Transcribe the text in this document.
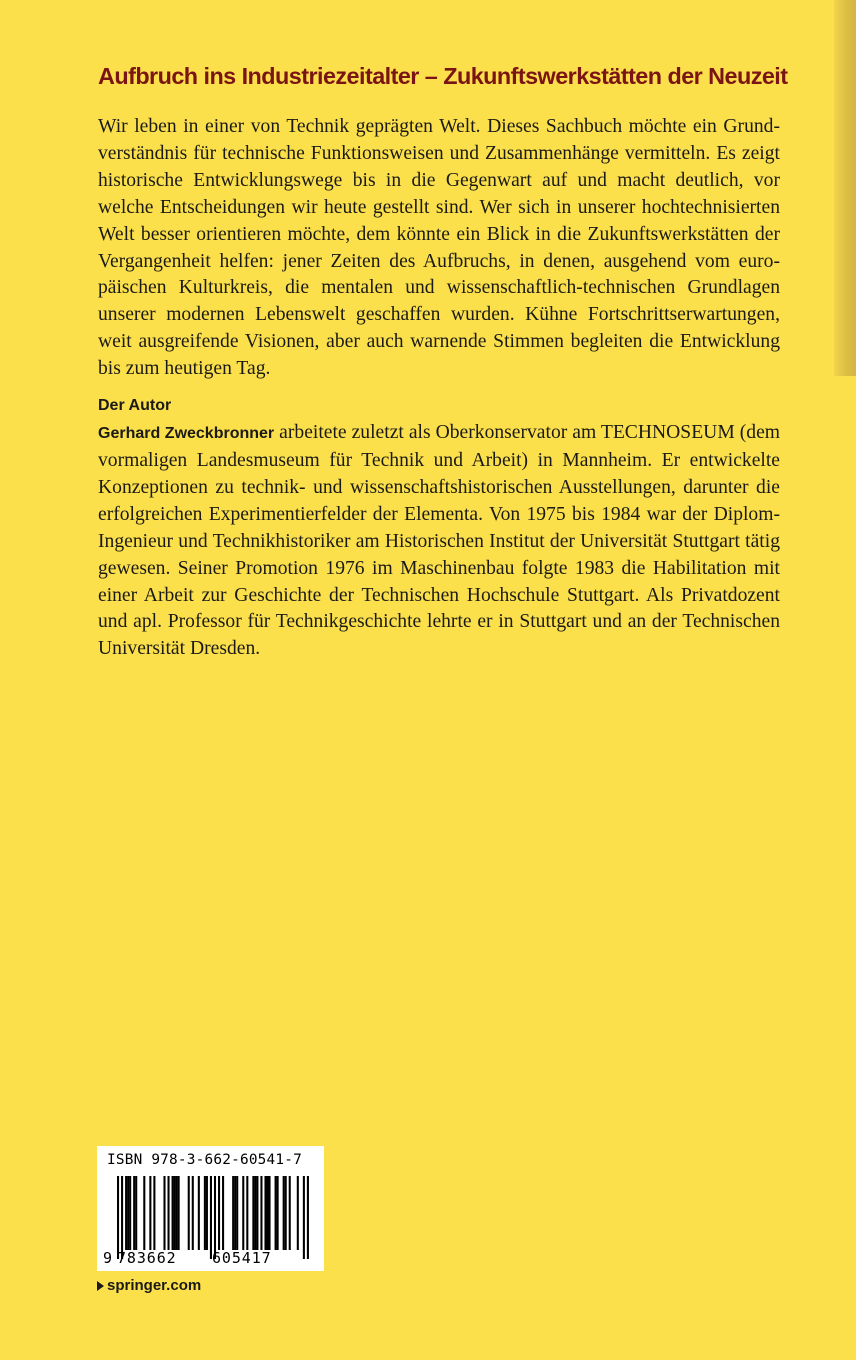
Aufbruch ins Industriezeitalter – Zukunftswerkstätten der Neuzeit

Wir leben in einer von Technik geprägten Welt. Dieses Sachbuch möchte ein Grundverständnis für technische Funktionsweisen und Zusammenhänge vermitteln. Es zeigt historische Entwicklungswege bis in die Gegenwart auf und macht deutlich, vor welche Entscheidungen wir heute gestellt sind. Wer sich in unserer hochtechnisierten Welt besser orientieren möchte, dem könnte ein Blick in die Zukunftswerkstätten der Vergangenheit helfen: jener Zeiten des Aufbruchs, in denen, ausgehend vom europäischen Kulturkreis, die mentalen und wissenschaftlich-technischen Grundlagen unserer modernen Lebenswelt geschaffen wurden. Kühne Fortschrittserwartungen, weit ausgreifende Visionen, aber auch warnende Stimmen begleiten die Entwicklung bis zum heutigen Tag.

Der Autor

Gerhard Zweckbronner arbeitete zuletzt als Oberkonservator am TECHNOSEUM (dem vormaligen Landesmuseum für Technik und Arbeit) in Mannheim. Er entwickelte Konzeptionen zu technik- und wissenschaftshistorischen Ausstellungen, darunter die erfolgreichen Experimentierfelder der Elementa. Von 1975 bis 1984 war der Diplom-Ingenieur und Technikhistoriker am Historischen Institut der Universität Stuttgart tätig gewesen. Seiner Promotion 1976 im Maschinenbau folgte 1983 die Habilitation mit einer Arbeit zur Geschichte der Technischen Hochschule Stuttgart. Als Privatdozent und apl. Professor für Technikgeschichte lehrte er in Stuttgart und an der Technischen Universität Dresden.

ISBN 978-3-662-60541-7
9 783662 605417
springer.com
